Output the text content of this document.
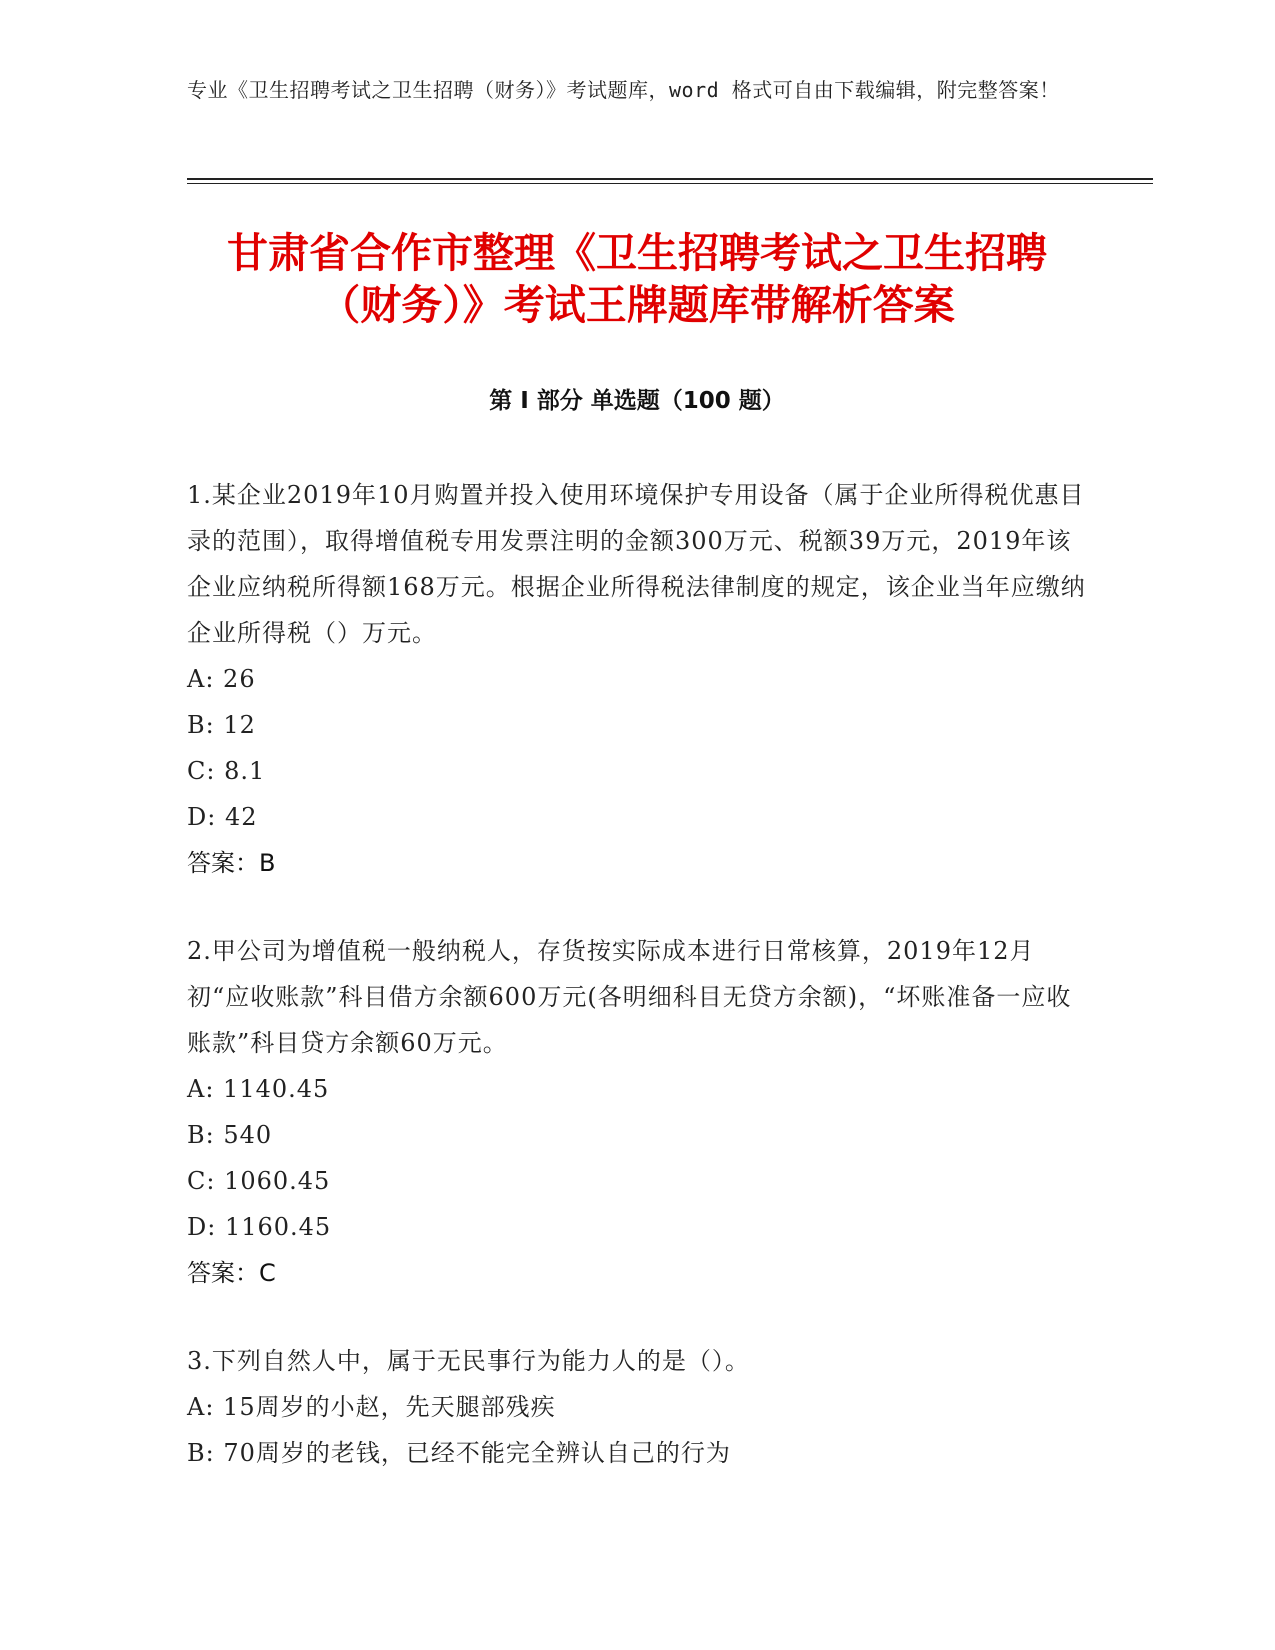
专业《卫生招聘考试之卫生招聘（财务）》考试题库，word 格式可自由下载编辑，附完整答案！
甘肃省合作市整理《卫生招聘考试之卫生招聘（财务）》考试王牌题库带解析答案
第 I 部分 单选题（100 题）
1.某企业2019年10月购置并投入使用环境保护专用设备（属于企业所得税优惠目录的范围），取得增值税专用发票注明的金额300万元、税额39万元，2019年该企业应纳税所得额168万元。根据企业所得税法律制度的规定，该企业当年应缴纳企业所得税（）万元。
A: 26
B: 12
C: 8.1
D: 42
答案：B
2.甲公司为增值税一般纳税人，存货按实际成本进行日常核算，2019年12月初“应收账款”科目借方余额600万元(各明细科目无贷方余额)，“坏账准备一应收账款”科目贷方余额60万元。
A: 1140.45
B: 540
C: 1060.45
D: 1160.45
答案：C
3.下列自然人中，属于无民事行为能力人的是（）。
A: 15周岁的小赵，先天腿部残疾
B: 70周岁的老钱，已经不能完全辨认自己的行为
